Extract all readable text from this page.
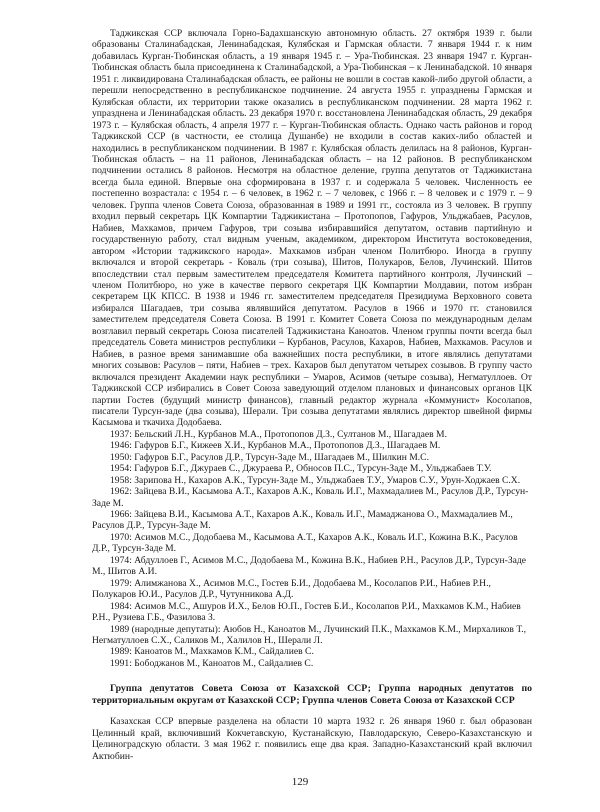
Таджикская ССР включала Горно-Бадахшанскую автономную область. 27 октября 1939 г. были образованы Сталинабадская, Ленинабадская, Кулябская и Гармская области. 7 января 1944 г. к ним добавилась Курган-Тюбинская область, а 19 января 1945 г. – Ура-Тюбинская. 23 января 1947 г. Курган-Тюбинская область была присоединена к Сталинабадской, а Ура-Тюбинская – к Ленинабадской. 10 января 1951 г. ликвидирована Сталинабадская область, ее районы не вошли в состав какой-либо другой области, а перешли непосредственно в республиканское подчинение. 24 августа 1955 г. упразднены Гармская и Кулябская области, их территории также оказались в республиканском подчинении. 28 марта 1962 г. упразднена и Ленинабадская область. 23 декабря 1970 г. восстановлена Ленинабадская область, 29 декабря 1973 г. – Кулябская область, 4 апреля 1977 г. – Курган-Тюбинская область. Однако часть районов и город Таджикской ССР (в частности, ее столица Душанбе) не входили в состав каких-либо областей и находились в республиканском подчинении. В 1987 г. Кулябская область делилась на 8 районов, Курган-Тюбинская область – на 11 районов, Ленинабадская область – на 12 районов. В республиканском подчинении остались 8 районов. Несмотря на областное деление, группа депутатов от Таджикистана всегда была единой. Впервые она сформирована в 1937 г. и содержала 5 человек. Численность ее постепенно возрастала: с 1954 г. – 6 человек, в 1962 г. – 7 человек, с 1966 г. – 8 человек и с 1979 г. – 9 человек. Группа членов Совета Союза, образованная в 1989 и 1991 гг., состояла из 3 человек. В группу входил первый секретарь ЦК Компартии Таджикистана – Протопопов, Гафуров, Ульджабаев, Расулов, Набиев, Махкамов, причем Гафуров, три созыва избиравшийся депутатом, оставив партийную и государственную работу, стал видным ученым, академиком, директором Института востоковедения, автором «Истории таджикского народа». Махкамов избран членом Политбюро. Иногда в группу включался и второй секретарь - Коваль (три созыва), Шитов, Полукаров, Белов, Лучинский. Шитов впоследствии стал первым заместителем председателя Комитета партийного контроля, Лучинский – членом Политбюро, но уже в качестве первого секретаря ЦК Компартии Молдавии, потом избран секретарем ЦК КПСС. В 1938 и 1946 гг. заместителем председателя Президиума Верховного совета избирался Шагадаев, три созыва являвшийся депутатом. Расулов в 1966 и 1970 гг. становился заместителем председателя Совета Союза. В 1991 г. Комитет Совета Союза по международным делам возглавил первый секретарь Союза писателей Таджикистана Каноатов. Членом группы почти всегда был председатель Совета министров республики – Курбанов, Расулов, Кахаров, Набиев, Махкамов. Расулов и Набиев, в разное время занимавшие оба важнейших поста республики, в итоге являлись депутатами многих созывов: Расулов – пяти, Набиев – трех. Кахаров был депутатом четырех созывов. В группу часто включался президент Академии наук республики – Умаров, Асимов (четыре созыва), Негматуллоев. От Таджикской ССР избирались в Совет Союза заведующий отделом плановых и финансовых органов ЦК партии Гостев (будущий министр финансов), главный редактор журнала «Коммунист» Косолапов, писатели Турсун-заде (два созыва), Шерали. Три созыва депутатами являлись директор швейной фирмы Касымова и ткачиха Додобаева.

1937: Бельский Л.Н., Курбанов М.А., Протопопов Д.З., Султанов М., Шагадаев М.
1946: Гафуров Б.Г., Кижеев Х.И., Курбанов М.А., Протопопов Д.З., Шагадаев М.
1950: Гафуров Б.Г., Расулов Д.Р., Турсун-Заде М., Шагадаев М., Шилкин М.С.
1954: Гафуров Б.Г., Джураев С., Джураева Р., Обносов П.С., Турсун-Заде М., Ульджабаев Т.У.
1958: Зарипова Н., Кахаров А.К., Турсун-Заде М., Ульджабаев Т.У., Умаров С.У., Урун-Ходжаев С.Х.
1962: Зайцева В.И., Касымова А.Т., Кахаров А.К., Коваль И.Г., Махмадалиев М., Расулов Д.Р., Турсун-Заде М.
1966: Зайцева В.И., Касымова А.Т., Кахаров А.К., Коваль И.Г., Мамаджанова О., Махмадалиев М., Расулов Д.Р., Турсун-Заде М.
1970: Асимов М.С., Додобаева М., Касымова А.Т., Кахаров А.К., Коваль И.Г., Кожина В.К., Расулов Д.Р., Турсун-Заде М.
1974: Абдуллоев Г., Асимов М.С., Додобаева М., Кожина В.К., Набиев Р.Н., Расулов Д.Р., Турсун-Заде М., Шитов А.И.
1979: Алимжанова Х., Асимов М.С., Гостев Б.И., Додобаева М., Косолапов Р.И., Набиев Р.Н., Полукаров Ю.И., Расулов Д.Р., Чутунникова А.Д.
1984: Асимов М.С., Ашуров И.Х., Белов Ю.П., Гостев Б.И., Косолапов Р.И., Махкамов К.М., Набиев Р.Н., Рузиева Г.Б., Фазилова З.
1989 (народные депутаты): Аюбов Н., Каноатов М., Лучинский П.К., Махкамов К.М., Мирхаликов Т., Негматуллоев С.Х., Саликов М., Халилов Н., Шерали Л.
1989: Каноатов М., Махкамов К.М., Сайдалиев С.
1991: Бободжанов М., Каноатов М., Сайдалиев С.

Группа депутатов Совета Союза от Казахской ССР; Группа народных депутатов по территориальным округам от Казахской ССР; Группа членов Совета Союза от Казахской ССР

Казахская ССР впервые разделена на области 10 марта 1932 г. 26 января 1960 г. был образован Целинный край, включивший Кокчетавскую, Кустанайскую, Павлодарскую, Северо-Казахстанскую и Целиноградскую области. 3 мая 1962 г. появились еще два края. Западно-Казахстанский край включил Актюбин-

129
